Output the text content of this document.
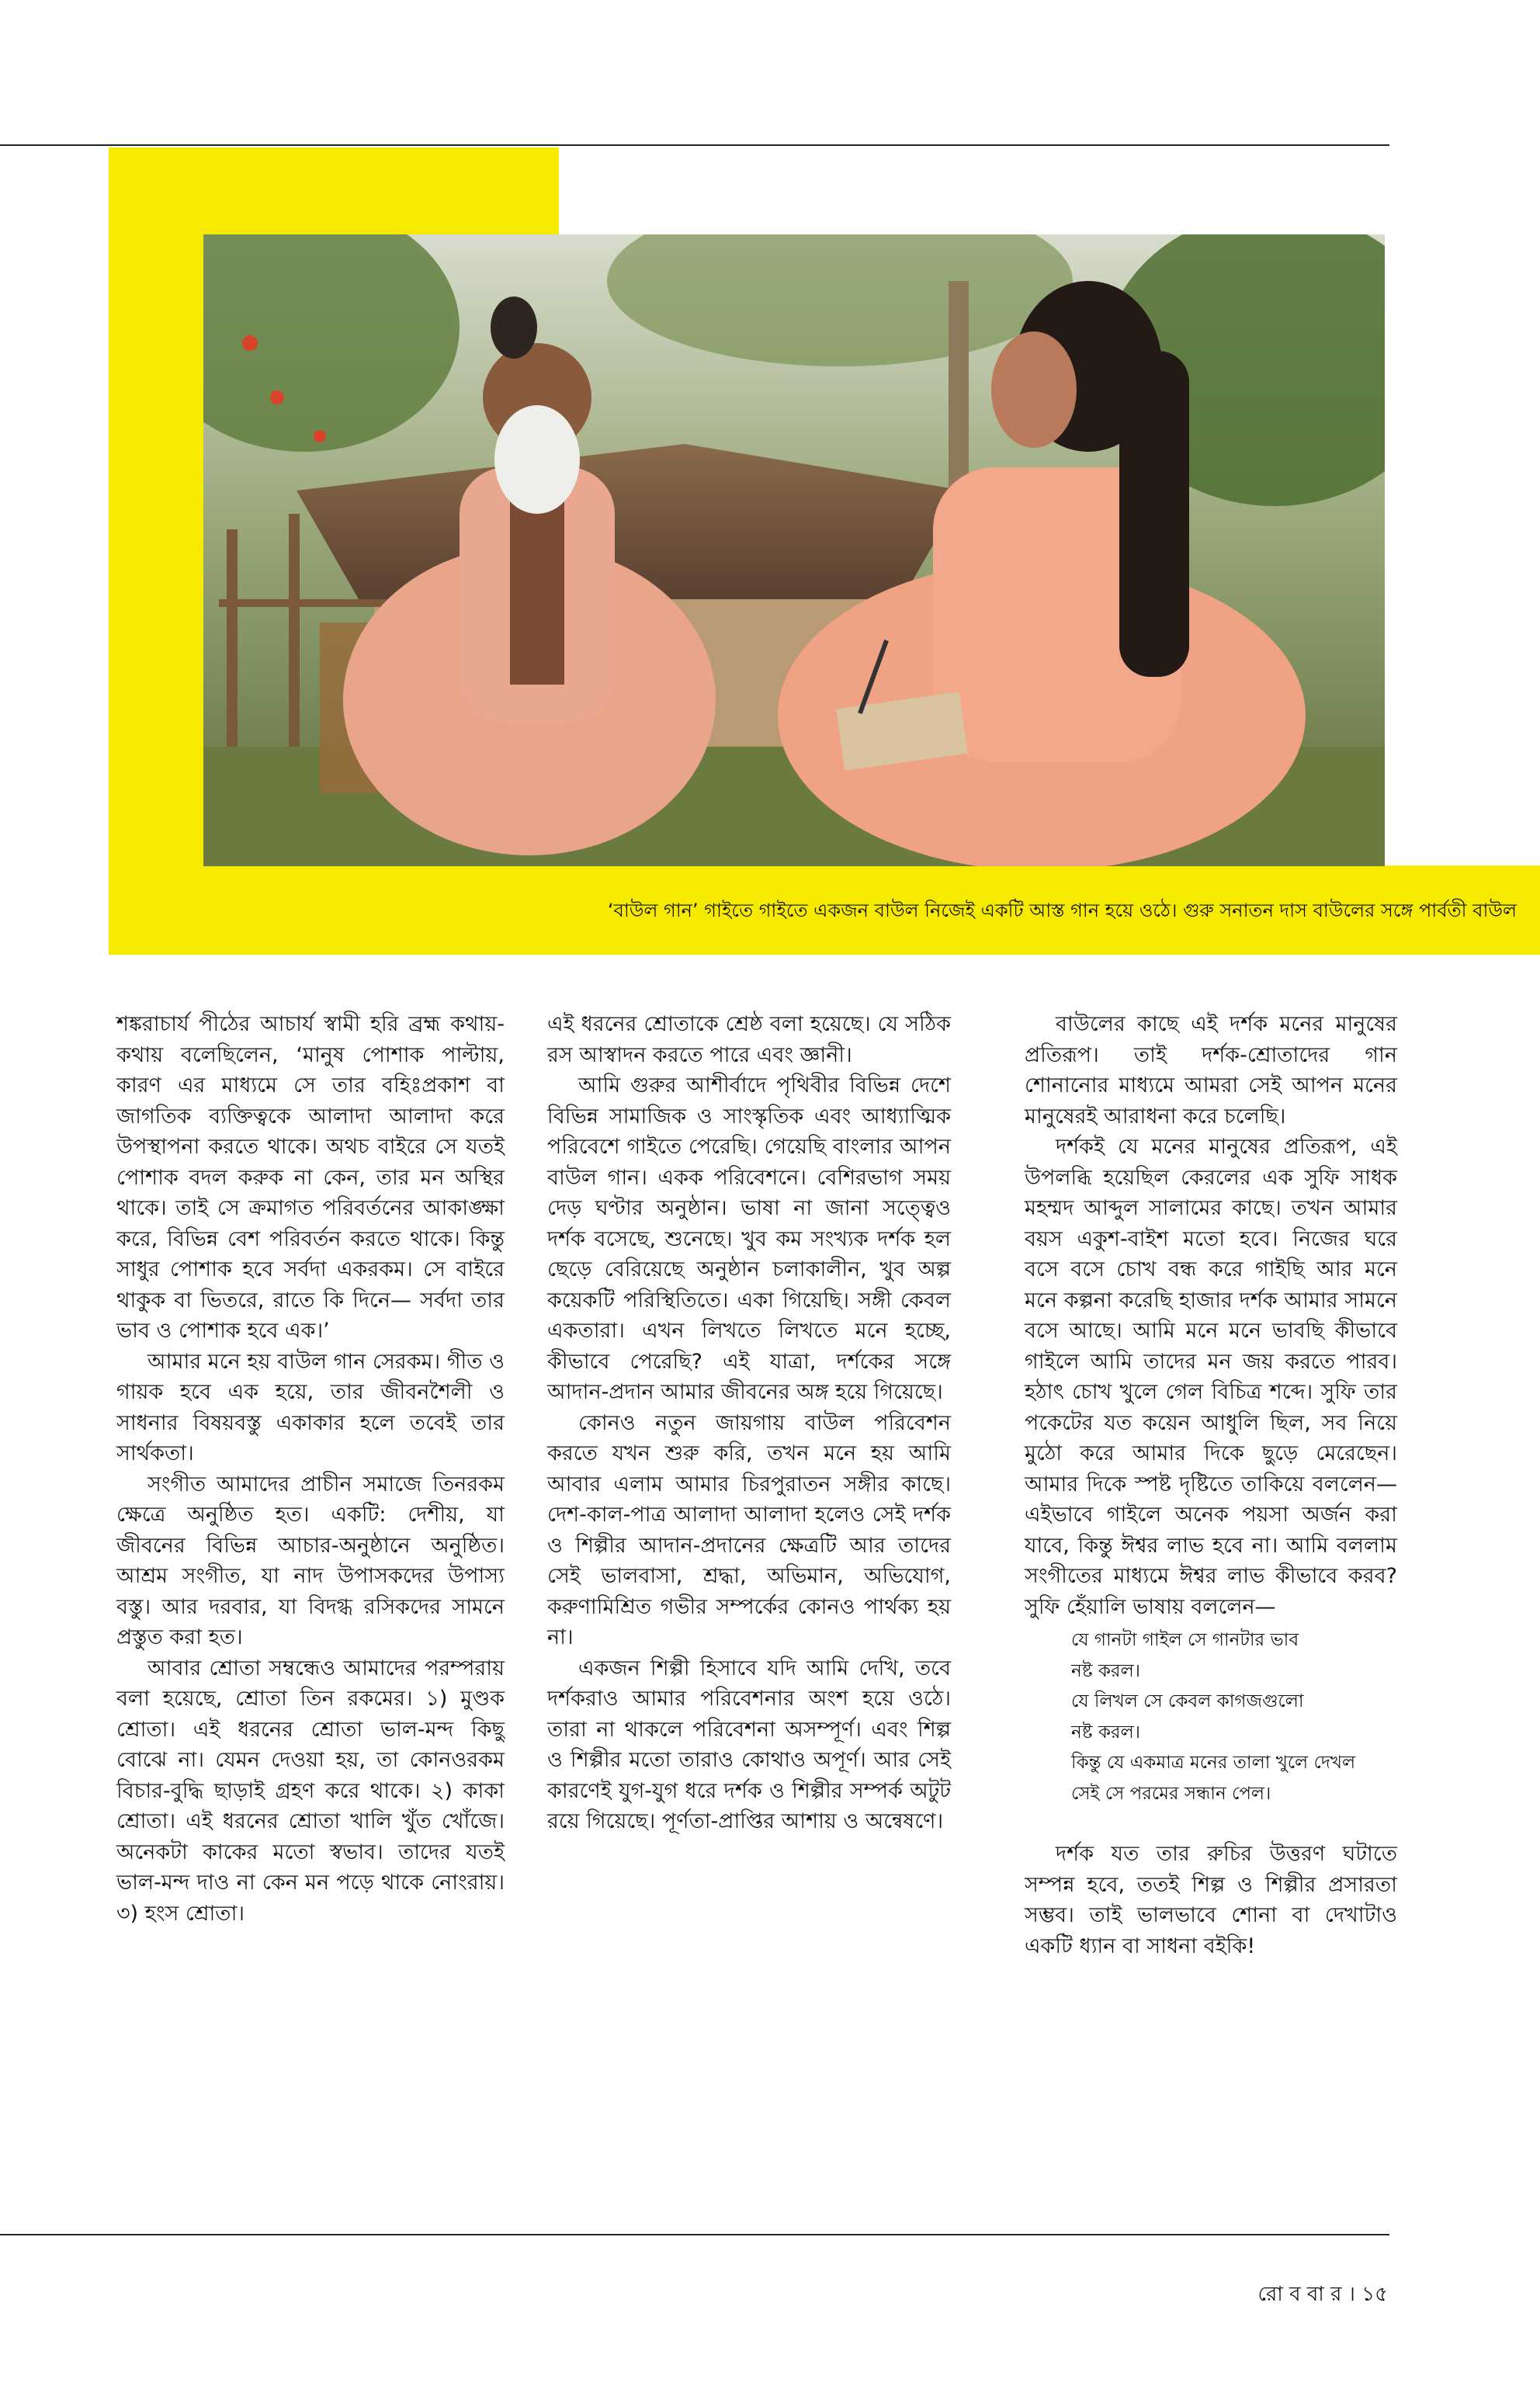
‘বাউল গান’ গাইতে গাইতে একজন বাউল নিজেই একটি আস্ত গান হয়ে ওঠে। গুরু সনাতন দাস বাউলের সঙ্গে পার্বতী বাউল

শঙ্করাচার্য পীঠের আচার্য স্বামী হরি ব্রহ্ম কথায়-কথায় বলেছিলেন, ‘মানুষ পোশাক পাল্টায়, কারণ এর মাধ্যমে সে তার বহিঃপ্রকাশ বা জাগতিক ব্যক্তিত্বকে আলাদা আলাদা করে উপস্থাপনা করতে থাকে। অথচ বাইরে সে যতই পোশাক বদল করুক না কেন, তার মন অস্থির থাকে। তাই সে ক্রমাগত পরিবর্তনের আকাঙ্ক্ষা করে, বিভিন্ন বেশ পরিবর্তন করতে থাকে। কিন্তু সাধুর পোশাক হবে সর্বদা একরকম। সে বাইরে থাকুক বা ভিতরে, রাতে কি দিনে— সর্বদা তার ভাব ও পোশাক হবে এক।’

আমার মনে হয় বাউল গান সেরকম। গীত ও গায়ক হবে এক হয়ে, তার জীবনশৈলী ও সাধনার বিষয়বস্তু একাকার হলে তবেই তার সার্থকতা।

সংগীত আমাদের প্রাচীন সমাজে তিনরকম ক্ষেত্রে অনুষ্ঠিত হত। একটি: দেশীয়, যা জীবনের বিভিন্ন আচার-অনুষ্ঠানে অনুষ্ঠিত। আশ্রম সংগীত, যা নাদ উপাসকদের উপাস্য বস্তু। আর দরবার, যা বিদগ্ধ রসিকদের সামনে প্রস্তুত করা হত।

আবার শ্রোতা সম্বন্ধেও আমাদের পরম্পরায় বলা হয়েছে, শ্রোতা তিন রকমের। ১) মুণ্ডক শ্রোতা। এই ধরনের শ্রোতা ভাল-মন্দ কিছু বোঝে না। যেমন দেওয়া হয়, তা কোনওরকম বিচার-বুদ্ধি ছাড়াই গ্রহণ করে থাকে। ২) কাকা শ্রোতা। এই ধরনের শ্রোতা খালি খুঁত খোঁজে। অনেকটা কাকের মতো স্বভাব। তাদের যতই ভাল-মন্দ দাও না কেন মন পড়ে থাকে নোংরায়। ৩) হংস শ্রোতা।

এই ধরনের শ্রোতাকে শ্রেষ্ঠ বলা হয়েছে। যে সঠিক রস আস্বাদন করতে পারে এবং জ্ঞানী।

আমি গুরুর আশীর্বাদে পৃথিবীর বিভিন্ন দেশে বিভিন্ন সামাজিক ও সাংস্কৃতিক এবং আধ্যাত্মিক পরিবেশে গাইতে পেরেছি। গেয়েছি বাংলার আপন বাউল গান। একক পরিবেশনে। বেশিরভাগ সময় দেড় ঘণ্টার অনুষ্ঠান। ভাষা না জানা সত্ত্বেও দর্শক বসেছে, শুনেছে। খুব কম সংখ্যক দর্শক হল ছেড়ে বেরিয়েছে অনুষ্ঠান চলাকালীন, খুব অল্প কয়েকটি পরিস্থিতিতে। একা গিয়েছি। সঙ্গী কেবল একতারা। এখন লিখতে লিখতে মনে হচ্ছে, কীভাবে পেরেছি? এই যাত্রা, দর্শকের সঙ্গে আদান-প্রদান আমার জীবনের অঙ্গ হয়ে গিয়েছে।

কোনও নতুন জায়গায় বাউল পরিবেশন করতে যখন শুরু করি, তখন মনে হয় আমি আবার এলাম আমার চিরপুরাতন সঙ্গীর কাছে। দেশ-কাল-পাত্র আলাদা আলাদা হলেও সেই দর্শক ও শিল্পীর আদান-প্রদানের ক্ষেত্রটি আর তাদের সেই ভালবাসা, শ্রদ্ধা, অভিমান, অভিযোগ, করুণামিশ্রিত গভীর সম্পর্কের কোনও পার্থক্য হয় না।

একজন শিল্পী হিসাবে যদি আমি দেখি, তবে দর্শকরাও আমার পরিবেশনার অংশ হয়ে ওঠে। তারা না থাকলে পরিবেশনা অসম্পূর্ণ। এবং শিল্প ও শিল্পীর মতো তারাও কোথাও অপূর্ণ। আর সেই কারণেই যুগ-যুগ ধরে দর্শক ও শিল্পীর সম্পর্ক অটুট রয়ে গিয়েছে। পূর্ণতা-প্রাপ্তির আশায় ও অন্বেষণে।

বাউলের কাছে এই দর্শক মনের মানুষের প্রতিরূপ। তাই দর্শক-শ্রোতাদের গান শোনানোর মাধ্যমে আমরা সেই আপন মনের মানুষেরই আরাধনা করে চলেছি।

দর্শকই যে মনের মানুষের প্রতিরূপ, এই উপলব্ধি হয়েছিল কেরলের এক সুফি সাধক মহম্মদ আব্দুল সালামের কাছে। তখন আমার বয়স একুশ-বাইশ মতো হবে। নিজের ঘরে বসে বসে চোখ বন্ধ করে গাইছি আর মনে মনে কল্পনা করেছি হাজার দর্শক আমার সামনে বসে আছে। আমি মনে মনে ভাবছি কীভাবে গাইলে আমি তাদের মন জয় করতে পারব। হঠাৎ চোখ খুলে গেল বিচিত্র শব্দে। সুফি তার পকেটের যত কয়েন আধুলি ছিল, সব নিয়ে মুঠো করে আমার দিকে ছুড়ে মেরেছেন। আমার দিকে স্পষ্ট দৃষ্টিতে তাকিয়ে বললেন— এইভাবে গাইলে অনেক পয়সা অর্জন করা যাবে, কিন্তু ঈশ্বর লাভ হবে না। আমি বললাম সংগীতের মাধ্যমে ঈশ্বর লাভ কীভাবে করব? সুফি হেঁয়ালি ভাষায় বললেন—

যে গানটা গাইল সে গানটার ভাব
নষ্ট করল।
যে লিখল সে কেবল কাগজগুলো
নষ্ট করল।
কিন্তু যে একমাত্র মনের তালা খুলে দেখল
সেই সে পরমের সন্ধান পেল।

দর্শক যত তার রুচির উত্তরণ ঘটাতে সম্পন্ন হবে, ততই শিল্প ও শিল্পীর প্রসারতা সম্ভব। তাই ভালভাবে শোনা বা দেখাটাও একটি ধ্যান বা সাধনা বইকি!

রো ব বা র । ১৫
